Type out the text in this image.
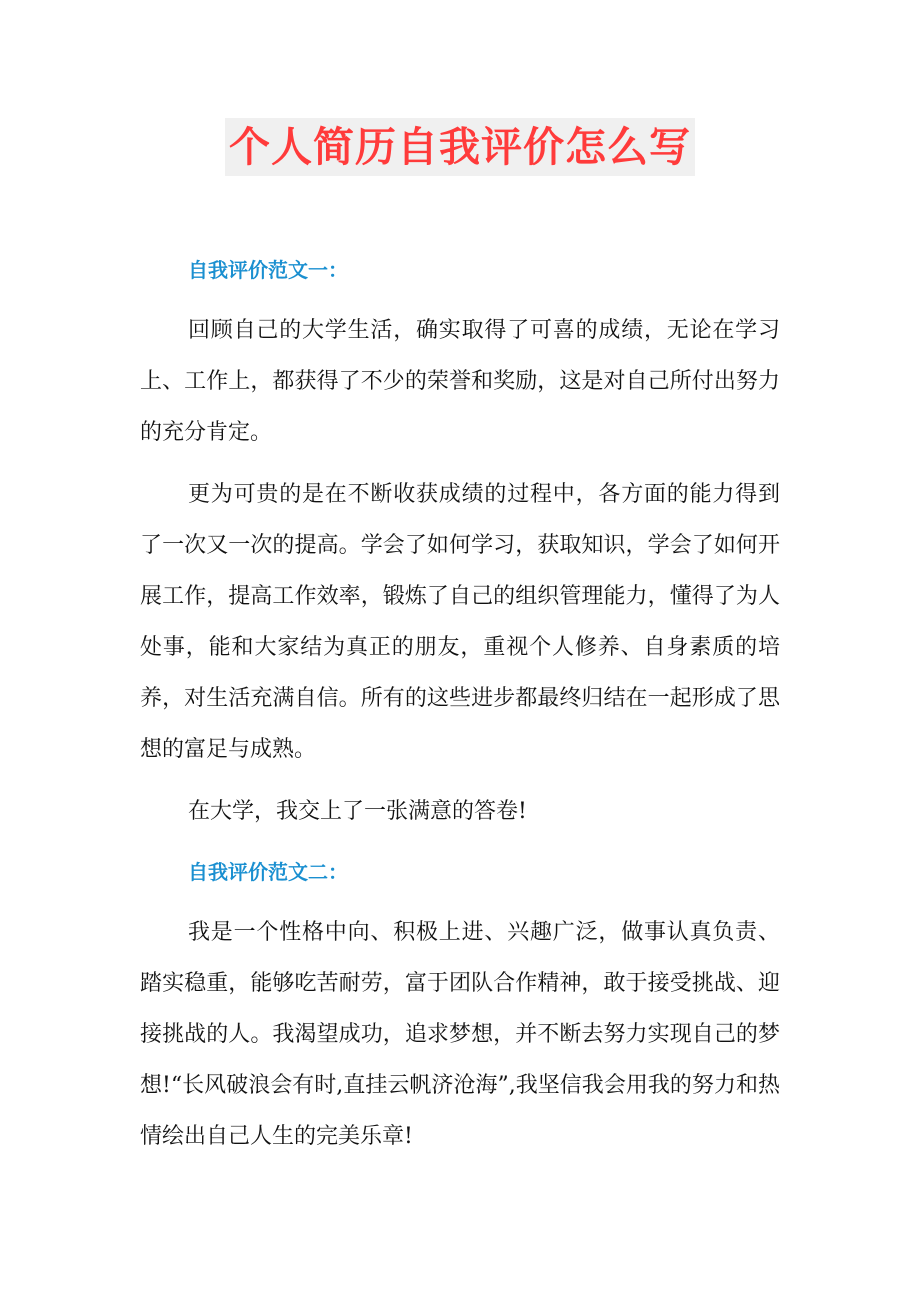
个人简历自我评价怎么写
自我评价范文一：

回顾自己的大学生活，确实取得了可喜的成绩，无论在学习上、工作上，都获得了不少的荣誉和奖励，这是对自己所付出努力的充分肯定。

更为可贵的是在不断收获成绩的过程中，各方面的能力得到了一次又一次的提高。学会了如何学习，获取知识，学会了如何开展工作，提高工作效率，锻炼了自己的组织管理能力，懂得了为人处事，能和大家结为真正的朋友，重视个人修养、自身素质的培养，对生活充满自信。所有的这些进步都最终归结在一起形成了思想的富足与成熟。

在大学，我交上了一张满意的答卷!

自我评价范文二：

我是一个性格中向、积极上进、兴趣广泛，做事认真负责、踏实稳重，能够吃苦耐劳，富于团队合作精神，敢于接受挑战、迎接挑战的人。我渴望成功，追求梦想，并不断去努力实现自己的梦想!“长风破浪会有时,直挂云帆济沧海”,我坚信我会用我的努力和热情绘出自己人生的完美乐章!
